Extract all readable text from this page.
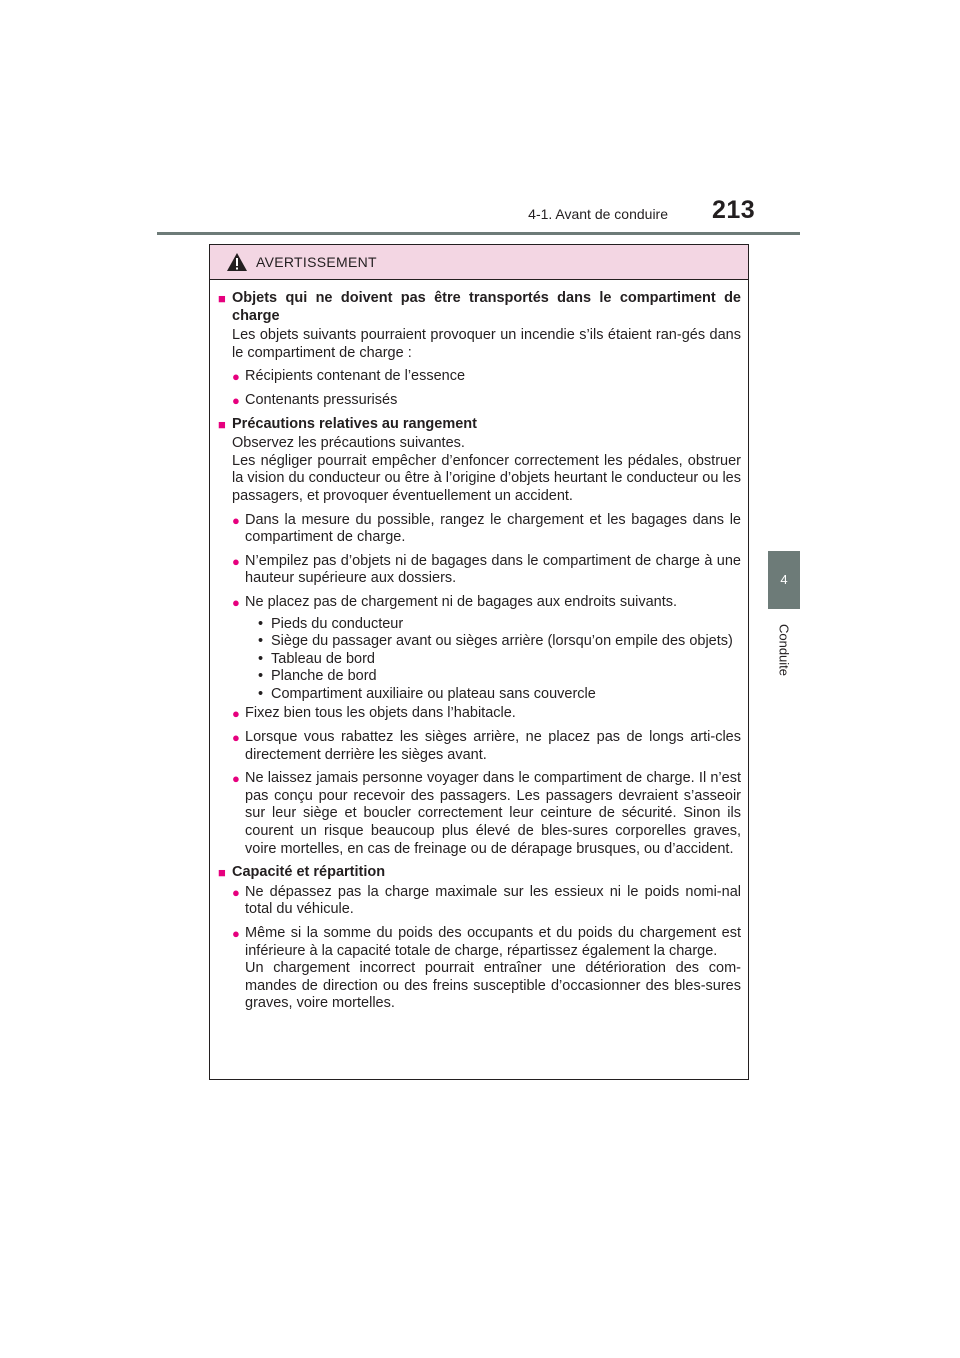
4-1. Avant de conduire 213
4
Conduite
AVERTISSEMENT
■ Objets qui ne doivent pas être transportés dans le compartiment de charge
Les objets suivants pourraient provoquer un incendie s’ils étaient ran-gés dans le compartiment de charge :
● Récipients contenant de l’essence
● Contenants pressurisés
■ Précautions relatives au rangement
Observez les précautions suivantes.
Les négliger pourrait empêcher d’enfoncer correctement les pédales, obstruer la vision du conducteur ou être à l’origine d’objets heurtant le conducteur ou les passagers, et provoquer éventuellement un accident.
● Dans la mesure du possible, rangez le chargement et les bagages dans le compartiment de charge.
● N’empilez pas d’objets ni de bagages dans le compartiment de charge à une hauteur supérieure aux dossiers.
● Ne placez pas de chargement ni de bagages aux endroits suivants.
• Pieds du conducteur
• Siège du passager avant ou sièges arrière (lorsqu’on empile des objets)
• Tableau de bord
• Planche de bord
• Compartiment auxiliaire ou plateau sans couvercle
● Fixez bien tous les objets dans l’habitacle.
● Lorsque vous rabattez les sièges arrière, ne placez pas de longs arti-cles directement derrière les sièges avant.
● Ne laissez jamais personne voyager dans le compartiment de charge. Il n’est pas conçu pour recevoir des passagers. Les passagers devraient s’asseoir sur leur siège et boucler correctement leur ceinture de sécurité. Sinon ils courent un risque beaucoup plus élevé de bles-sures corporelles graves, voire mortelles, en cas de freinage ou de dérapage brusques, ou d’accident.
■ Capacité et répartition
● Ne dépassez pas la charge maximale sur les essieux ni le poids nomi-nal total du véhicule.
● Même si la somme du poids des occupants et du poids du chargement est inférieure à la capacité totale de charge, répartissez également la charge.
Un chargement incorrect pourrait entraîner une détérioration des com-mandes de direction ou des freins susceptible d’occasionner des bles-sures graves, voire mortelles.
